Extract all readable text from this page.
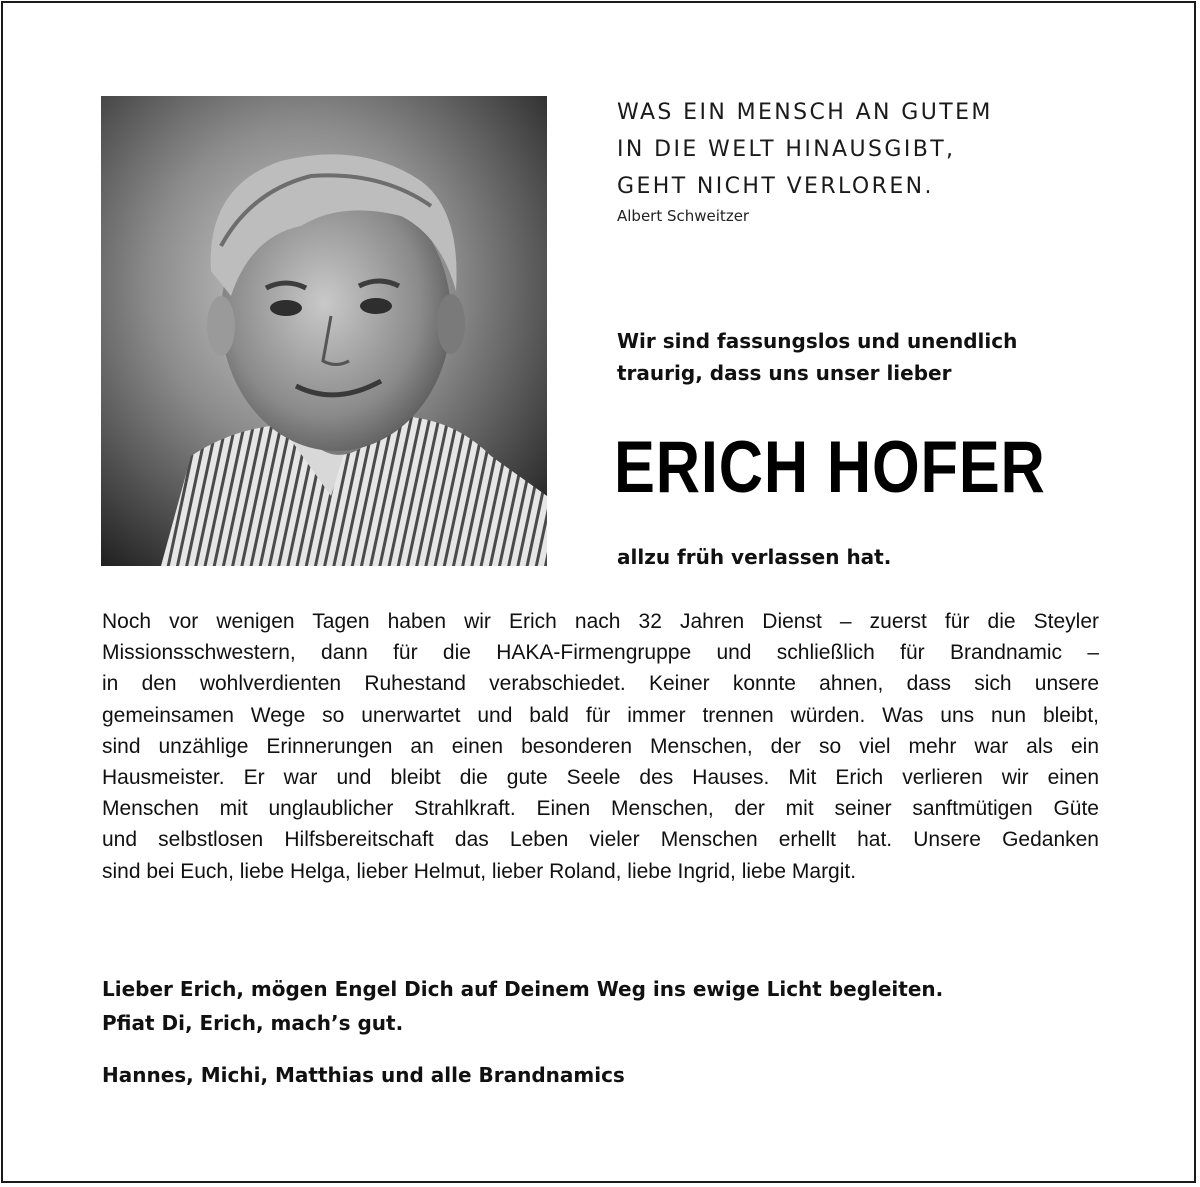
WAS EIN MENSCH AN GUTEM
IN DIE WELT HINAUSGIBT,
GEHT NICHT VERLOREN.
Albert Schweitzer
Wir sind fassungslos und unendlich
traurig, dass uns unser lieber
ERICH HOFER
allzu früh verlassen hat.
Noch vor wenigen Tagen haben wir Erich nach 32 Jahren Dienst – zuerst für die Steyler
Missionsschwestern, dann für die HAKA-Firmengruppe und schließlich für Brandnamic –
in den wohlverdienten Ruhestand verabschiedet. Keiner konnte ahnen, dass sich unsere
gemeinsamen Wege so unerwartet und bald für immer trennen würden. Was uns nun bleibt,
sind unzählige Erinnerungen an einen besonderen Menschen, der so viel mehr war als ein
Hausmeister. Er war und bleibt die gute Seele des Hauses. Mit Erich verlieren wir einen
Menschen mit unglaublicher Strahlkraft. Einen Menschen, der mit seiner sanftmütigen Güte
und selbstlosen Hilfsbereitschaft das Leben vieler Menschen erhellt hat. Unsere Gedanken
sind bei Euch, liebe Helga, lieber Helmut, lieber Roland, liebe Ingrid, liebe Margit.
Lieber Erich, mögen Engel Dich auf Deinem Weg ins ewige Licht begleiten.
Pfiat Di, Erich, mach’s gut.
Hannes, Michi, Matthias und alle Brandnamics
